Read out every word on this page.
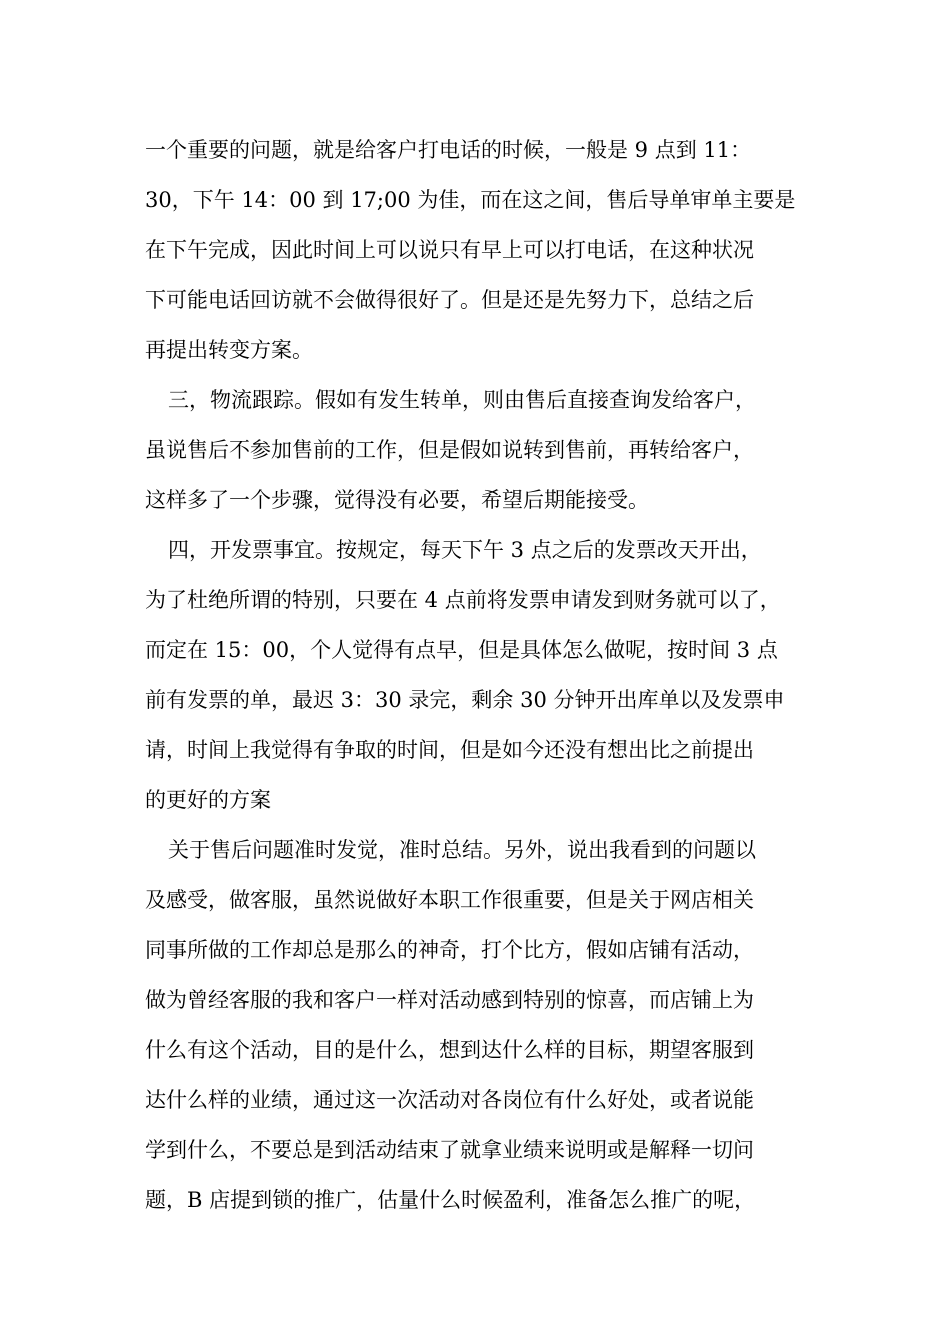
一个重要的问题，就是给客户打电话的时候，一般是 9 点到 11：
30，下午 14：00 到 17;00 为佳，而在这之间，售后导单审单主要是
在下午完成，因此时间上可以说只有早上可以打电话，在这种状况
下可能电话回访就不会做得很好了。但是还是先努力下，总结之后
再提出转变方案。
三，物流跟踪。假如有发生转单，则由售后直接查询发给客户，
虽说售后不参加售前的工作，但是假如说转到售前，再转给客户，
这样多了一个步骤，觉得没有必要，希望后期能接受。
四，开发票事宜。按规定，每天下午 3 点之后的发票改天开出，
为了杜绝所谓的特别，只要在 4 点前将发票申请发到财务就可以了，
而定在 15：00，个人觉得有点早，但是具体怎么做呢，按时间 3 点
前有发票的单，最迟 3：30 录完，剩余 30 分钟开出库单以及发票申
请，时间上我觉得有争取的时间，但是如今还没有想出比之前提出
的更好的方案
关于售后问题准时发觉，准时总结。另外，说出我看到的问题以
及感受，做客服，虽然说做好本职工作很重要，但是关于网店相关
同事所做的工作却总是那么的神奇，打个比方，假如店铺有活动，
做为曾经客服的我和客户一样对活动感到特别的惊喜，而店铺上为
什么有这个活动，目的是什么，想到达什么样的目标，期望客服到
达什么样的业绩，通过这一次活动对各岗位有什么好处，或者说能
学到什么，不要总是到活动结束了就拿业绩来说明或是解释一切问
题，B 店提到锁的推广，估量什么时候盈利，准备怎么推广的呢，
